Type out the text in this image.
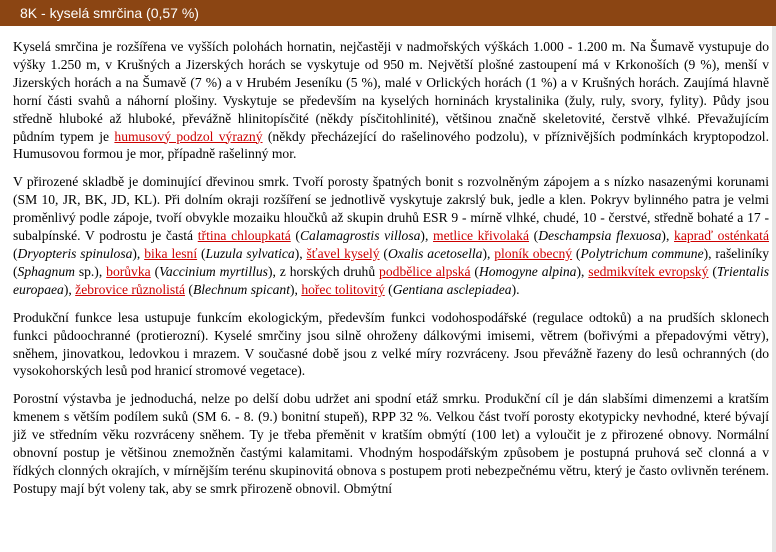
8K - kyselá smrčina (0,57 %)

Kyselá smrčina je rozšířena ve vyšších polohách hornatin, nejčastěji v nadmořských výškách 1.000 - 1.200 m. Na Šumavě vystupuje do výšky 1.250 m, v Krušných a Jizerských horách se vyskytuje od 950 m. Největší plošné zastoupení má v Krkonoších (9 %), menší v Jizerských horách a na Šumavě (7 %) a v Hrubém Jeseníku (5 %), malé v Orlických horách (1 %) a v Krušných horách. Zaujímá hlavně horní části svahů a náhorní plošiny. Vyskytuje se především na kyselých horninách krystalinika (žuly, ruly, svory, fylity). Půdy jsou středně hluboké až hluboké, převážně hlinitopísčité (někdy písčitohlinité), většinou značně skeletovité, čerstvě vlhké. Převažujícím půdním typem je humusový podzol výrazný (někdy přecházející do rašelinového podzolu), v příznivějších podmínkách kryptopodzol. Humusovou formou je mor, případně rašelinný mor.

V přirozené skladbě je dominující dřevinou smrk. Tvoří porosty špatných bonit s rozvolněným zápojem a s nízko nasazenými korunami (SM 10, JR, BK, JD, KL). Při dolním okraji rozšíření se jednotlivě vyskytuje zakrslý buk, jedle a klen. Pokryv bylinného patra je velmi proměnlivý podle zápoje, tvoří obvykle mozaiku hloučků až skupin druhů ESR 9 - mírně vlhké, chudé, 10 - čerstvé, středně bohaté a 17 - subalpínské. V podrostu je častá třtina chloupkatá (Calamagrostis villosa), metlice křivolaká (Deschampsia flexuosa), kapraď osténkatá (Dryopteris spinulosa), bika lesní (Luzula sylvatica), šťavel kyselý (Oxalis acetosella), ploník obecný (Polytrichum commune), rašeliníky (Sphagnum sp.), borůvka (Vaccinium myrtillus), z horských druhů podbělice alpská (Homogyne alpina), sedmikvítek evropský (Trientalis europaea), žebrovice různolistá (Blechnum spicant), hořec tolitovitý (Gentiana asclepiadea).

Produkční funkce lesa ustupuje funkcím ekologickým, především funkci vodohospodářské (regulace odtoků) a na prudších sklonech funkci půdoochranné (protierozní). Kyselé smrčiny jsou silně ohroženy dálkovými imisemi, větrem (bořivými a přepadovými větry), sněhem, jinovatkou, ledovkou i mrazem. V současné době jsou z velké míry rozvráceny. Jsou převážně řazeny do lesů ochranných (do vysokohorských lesů pod hranicí stromové vegetace).

Porostní výstavba je jednoduchá, nelze po delší dobu udržet ani spodní etáž smrku. Produkční cíl je dán slabšími dimenzemi a kratším kmenem s větším podílem suků (SM 6. - 8. (9.) bonitní stupeň), RPP 32 %. Velkou část tvoří porosty ekotypicky nevhodné, které bývají již ve středním věku rozvráceny sněhem. Ty je třeba přeměnit v kratším obmýtí (100 let) a vyloučit je z přirozené obnovy. Normální obnovní postup je většinou znemožněn častými kalamitami. Vhodným hospodářským způsobem je postupná pruhová seč clonná a v řídkých clonných okrajích, v mírnějším terénu skupinovitá obnova s postupem proti nebezpečnému větru, který je často ovlivněn terénem. Postupy mají být voleny tak, aby se smrk přirozeně obnovil. Obmýtní
